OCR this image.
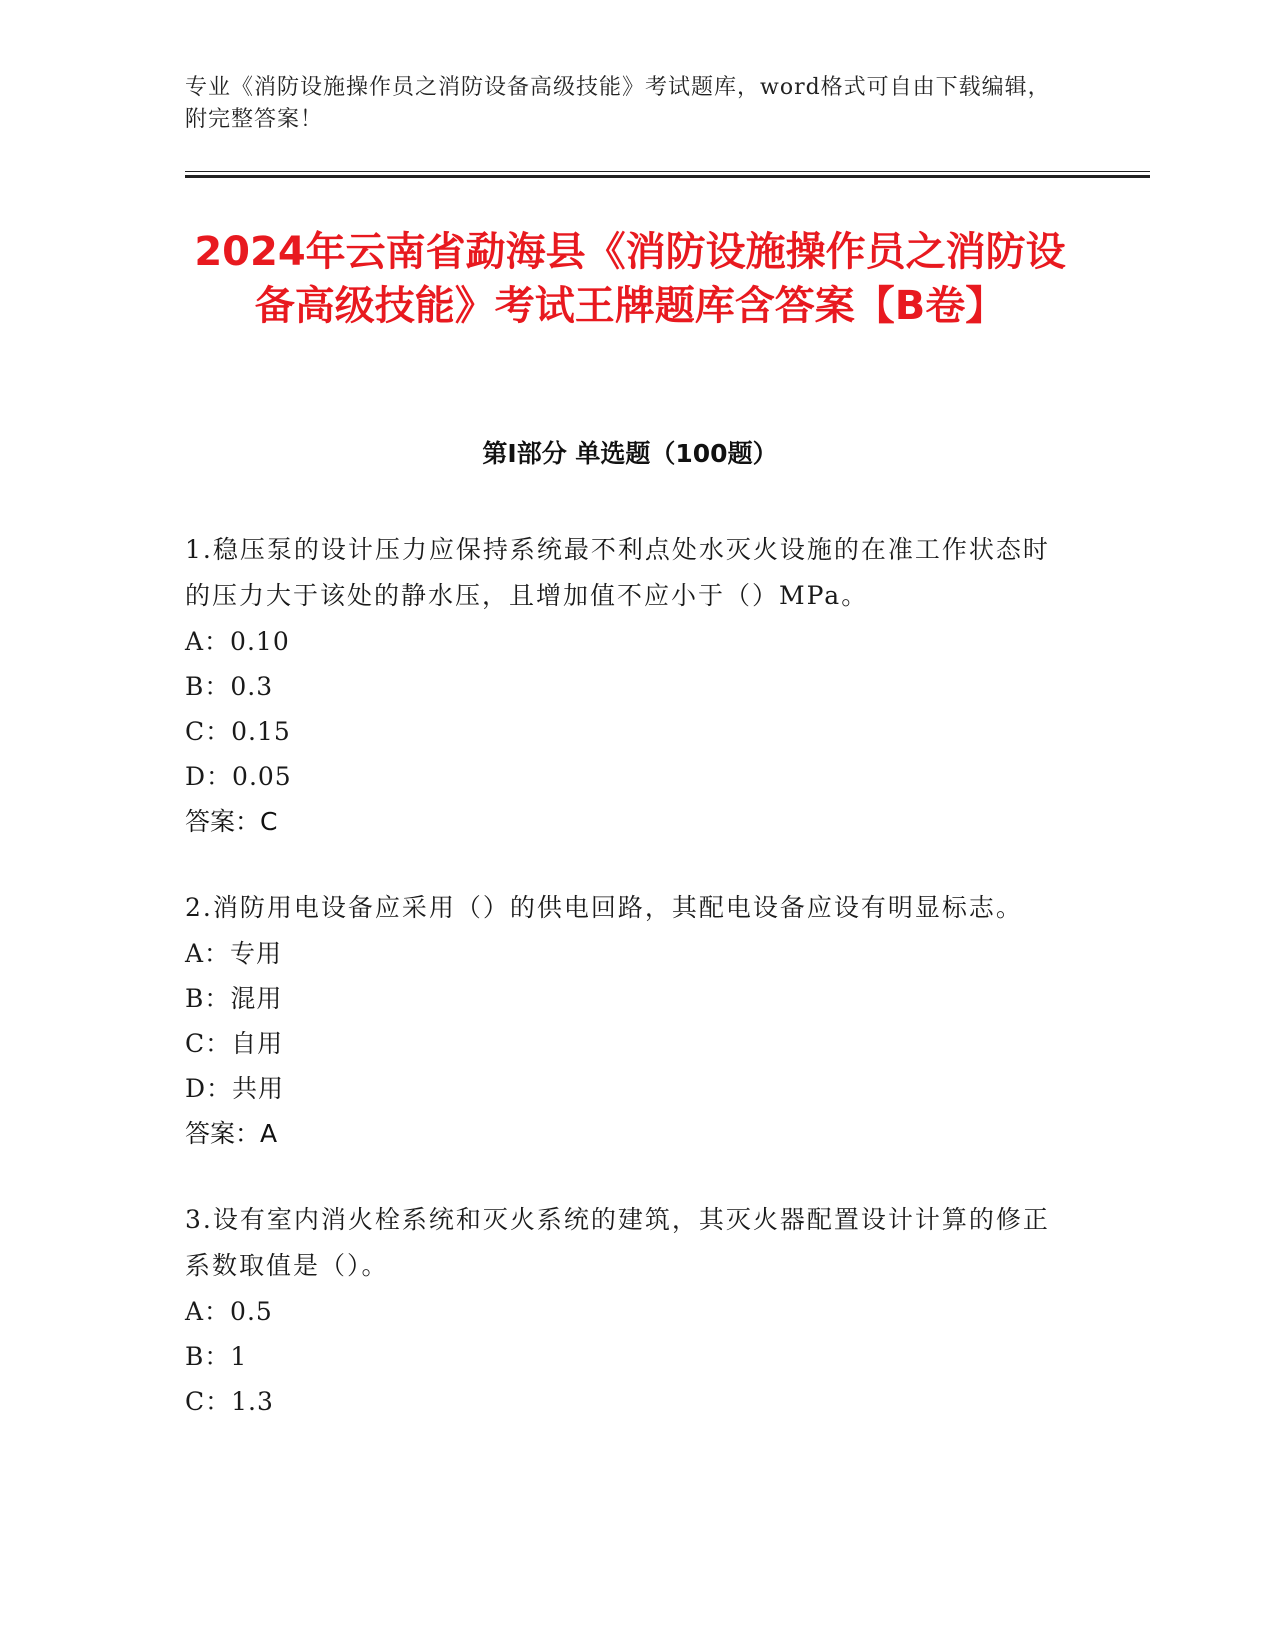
专业《消防设施操作员之消防设备高级技能》考试题库，word格式可自由下载编辑，附完整答案！
2024年云南省勐海县《消防设施操作员之消防设备高级技能》考试王牌题库含答案【B卷】
第Ⅰ部分 单选题（100题）

1.稳压泵的设计压力应保持系统最不利点处水灭火设施的在准工作状态时的压力大于该处的静水压，且增加值不应小于（）MPa。

A：0.10

B：0.3

C：0.15

D：0.05

答案：C

2.消防用电设备应采用（）的供电回路，其配电设备应设有明显标志。

A：专用

B：混用

C：自用

D：共用

答案：A

3.设有室内消火栓系统和灭火系统的建筑，其灭火器配置设计计算的修正系数取值是（）。

A：0.5

B：1

C：1.3
